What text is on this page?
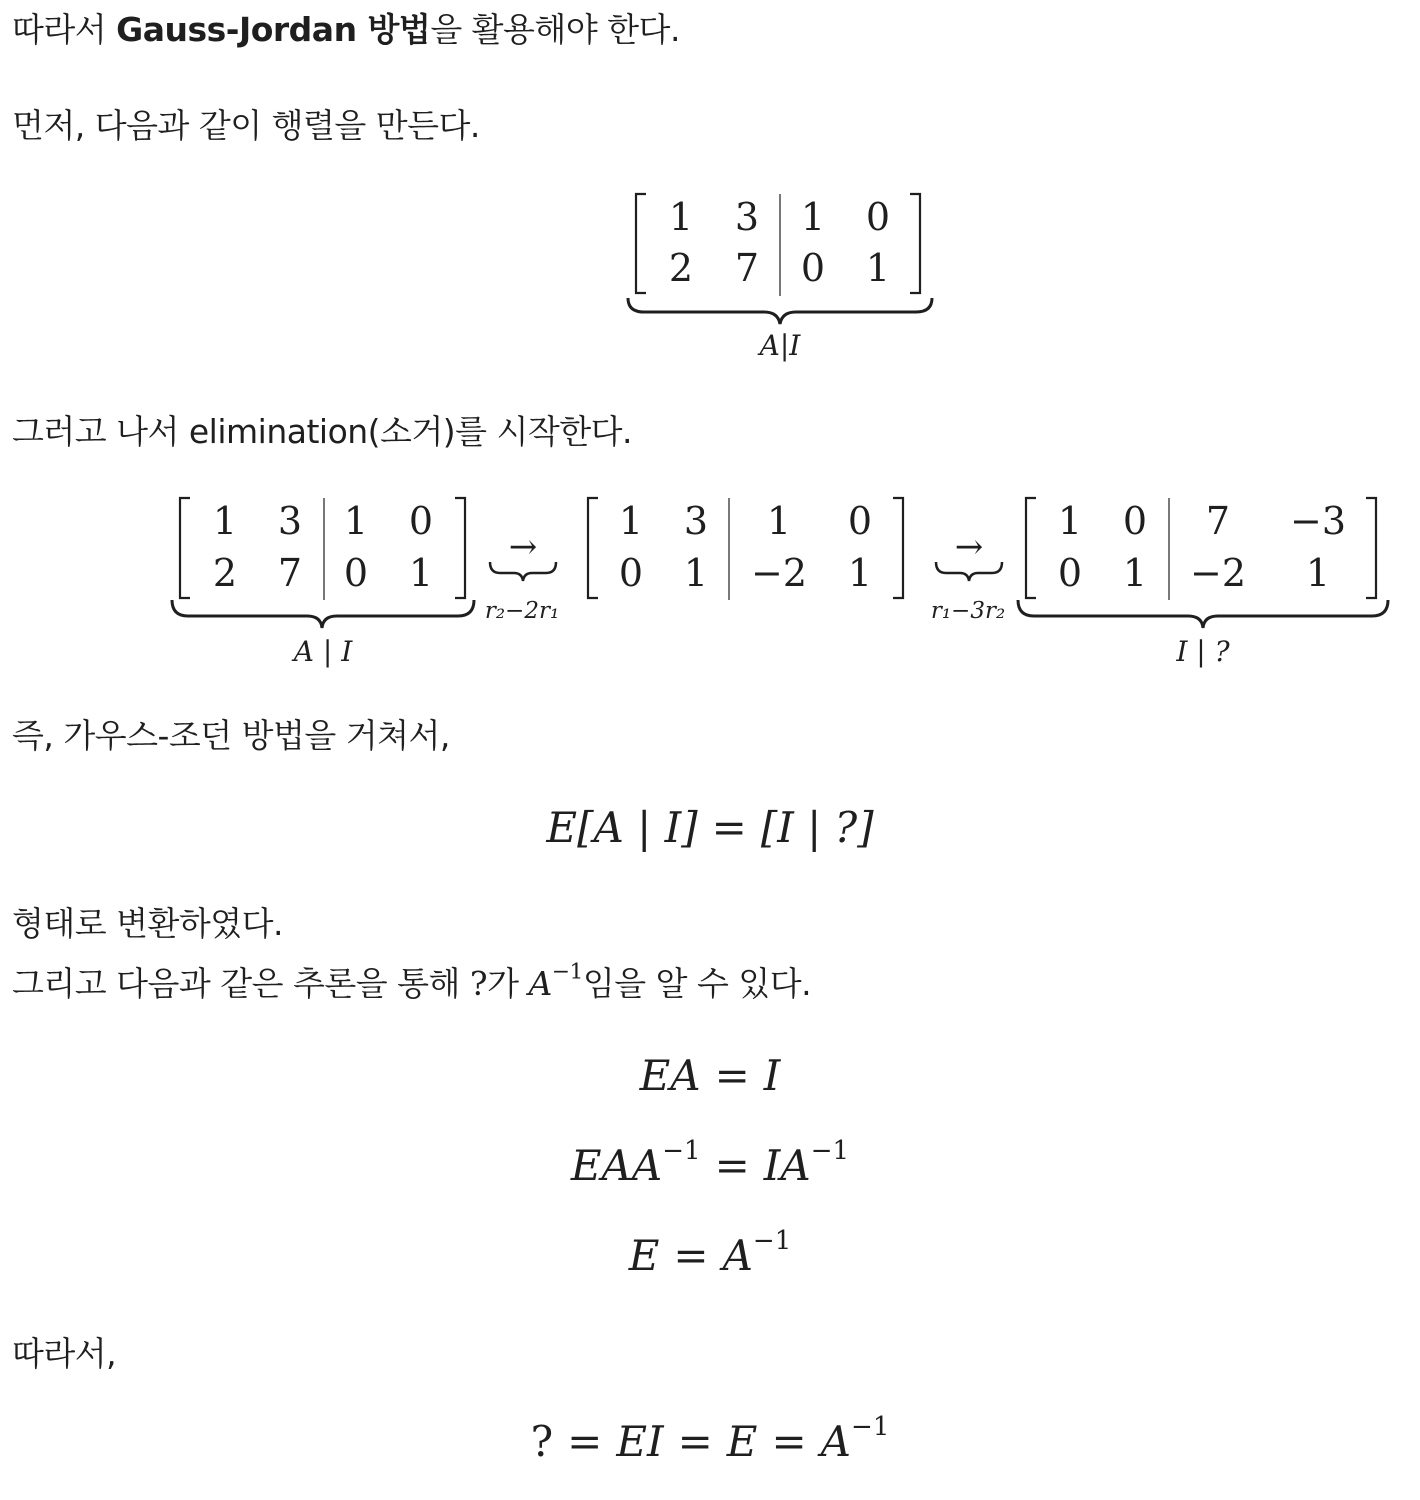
따라서 Gauss-Jordan 방법을 활용해야 한다.

먼저, 다음과 같이 행렬을 만든다.

1 3 1 0
2 7 0 1
A|I

그러고 나서 elimination(소거)를 시작한다.

1 3 1 0
2 7 0 1
1 3 1 0
0 1 −2 1
1 0 7 −3
0 1 −2 1
→
r₂−2r₁
→
r₁−3r₂
A | I	I | ?

즉, 가우스-조던 방법을 거쳐서,

E[A | I] = [I | ?]

형태로 변환하였다.

그리고 다음과 같은 추론을 통해 ?가 $A^{-1}$임을 알 수 있다.

EA = I

$EAA^{-1} = IA^{-1}$

$E = A^{-1}$

따라서,

? = EI = $E = A^{-1}$
